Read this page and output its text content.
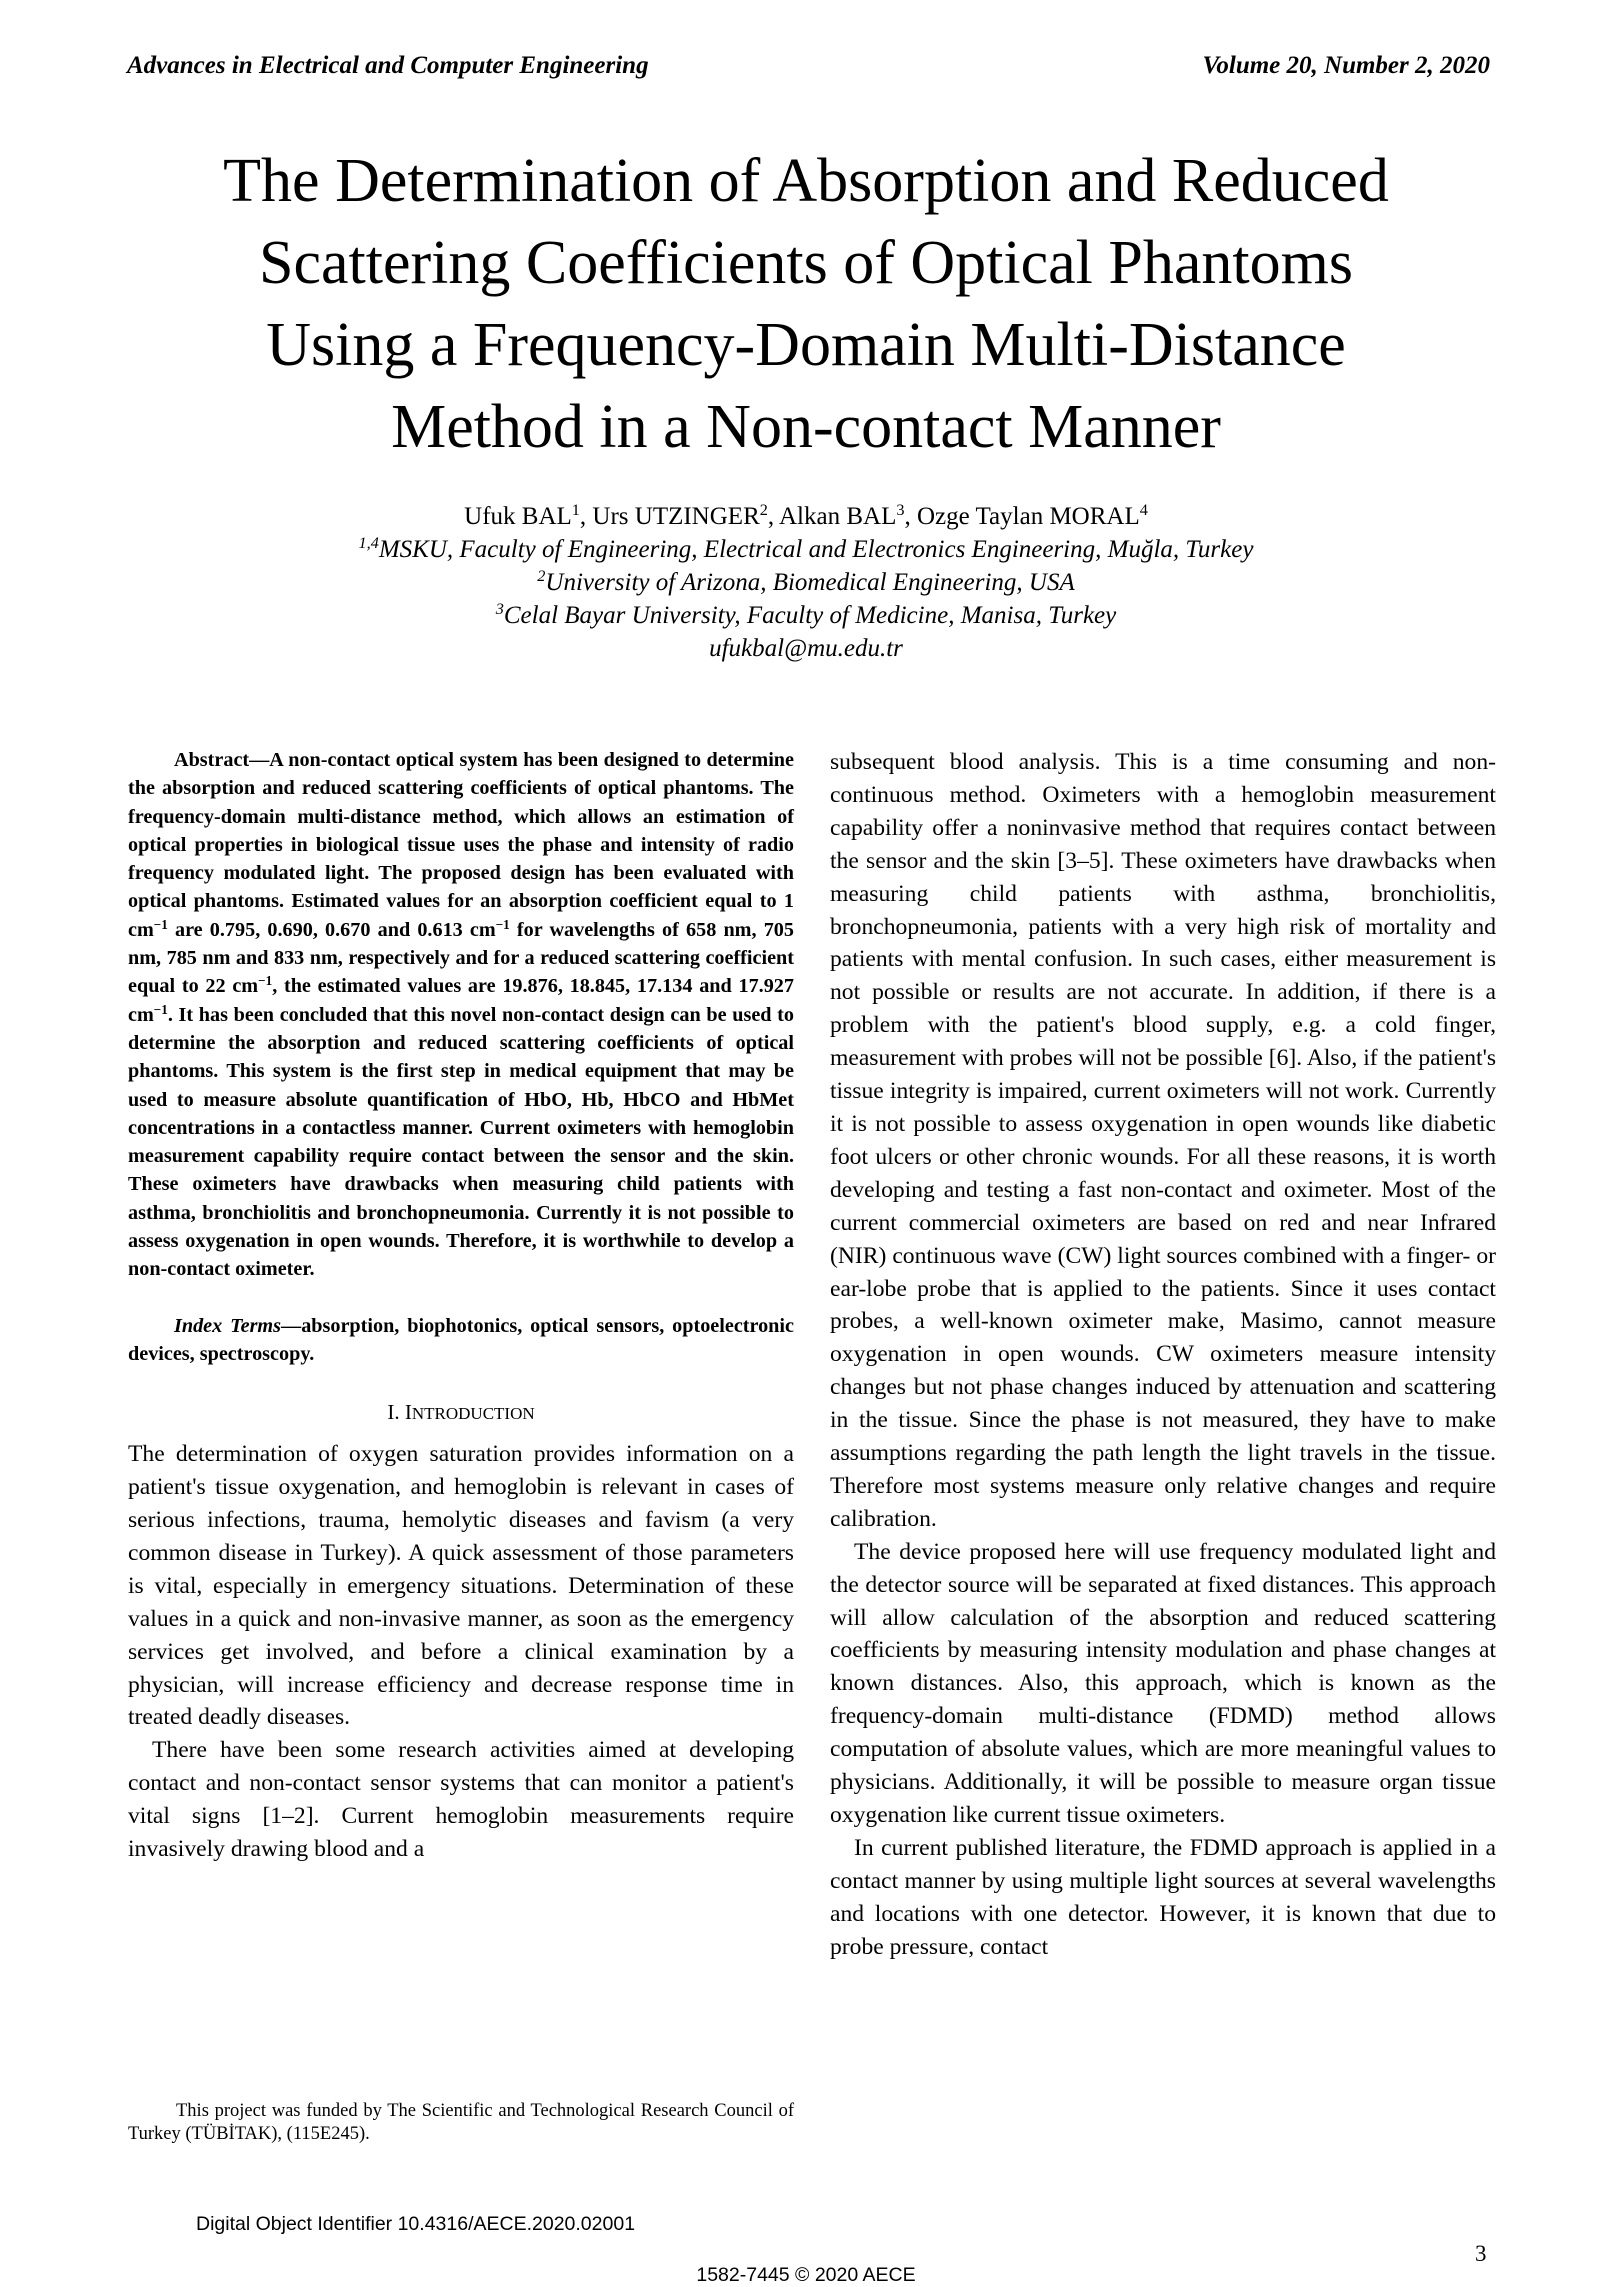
Advances in Electrical and Computer Engineering	Volume 20, Number 2, 2020
The Determination of Absorption and Reduced
Scattering Coefficients of Optical Phantoms
Using a Frequency-Domain Multi-Distance
Method in a Non-contact Manner
Ufuk BAL$^1$, Urs UTZINGER$^2$, Alkan BAL$^3$, Ozge Taylan MORAL$^4$
$^{1,4}$MSKU, Faculty of Engineering, Electrical and Electronics Engineering, Muğla, Turkey
$^2$University of Arizona, Biomedical Engineering, USA
$^3$Celal Bayar University, Faculty of Medicine, Manisa, Turkey
ufukbal@mu.edu.tr

Abstract—A non-contact optical system has been designed to determine the absorption and reduced scattering coefficients of optical phantoms. The frequency-domain multi-distance method, which allows an estimation of optical properties in biological tissue uses the phase and intensity of radio frequency modulated light. The proposed design has been evaluated with optical phantoms. Estimated values for an absorption coefficient equal to 1 $cm^{-1}$ are 0.795, 0.690, 0.670 and 0.613 $cm^{-1}$ for wavelengths of 658 nm, 705 nm, 785 nm and 833 nm, respectively and for a reduced scattering coefficient equal to 22 $cm^{-1}$, the estimated values are 19.876, 18.845, 17.134 and 17.927 $cm^{-1}$. It has been concluded that this novel non-contact design can be used to determine the absorption and reduced scattering coefficients of optical phantoms. This system is the first step in medical equipment that may be used to measure absolute quantification of HbO, Hb, HbCO and HbMet concentrations in a contactless manner. Current oximeters with hemoglobin measurement capability require contact between the sensor and the skin. These oximeters have drawbacks when measuring child patients with asthma, bronchiolitis and bronchopneumonia. Currently it is not possible to assess oxygenation in open wounds. Therefore, it is worthwhile to develop a non-contact oximeter.

Index Terms—absorption, biophotonics, optical sensors, optoelectronic devices, spectroscopy.

I. INTRODUCTION

The determination of oxygen saturation provides information on a patient's tissue oxygenation, and hemoglobin is relevant in cases of serious infections, trauma, hemolytic diseases and favism (a very common disease in Turkey). A quick assessment of those parameters is vital, especially in emergency situations. Determination of these values in a quick and non-invasive manner, as soon as the emergency services get involved, and before a clinical examination by a physician, will increase efficiency and decrease response time in treated deadly diseases.

There have been some research activities aimed at developing contact and non-contact sensor systems that can monitor a patient's vital signs [1–2]. Current hemoglobin measurements require invasively drawing blood and a

subsequent blood analysis. This is a time consuming and non-continuous method. Oximeters with a hemoglobin measurement capability offer a noninvasive method that requires contact between the sensor and the skin [3–5]. These oximeters have drawbacks when measuring child patients with asthma, bronchiolitis, bronchopneumonia, patients with a very high risk of mortality and patients with mental confusion. In such cases, either measurement is not possible or results are not accurate. In addition, if there is a problem with the patient's blood supply, e.g. a cold finger, measurement with probes will not be possible [6]. Also, if the patient's tissue integrity is impaired, current oximeters will not work. Currently it is not possible to assess oxygenation in open wounds like diabetic foot ulcers or other chronic wounds. For all these reasons, it is worth developing and testing a fast non-contact and oximeter. Most of the current commercial oximeters are based on red and near Infrared (NIR) continuous wave (CW) light sources combined with a finger- or ear-lobe probe that is applied to the patients. Since it uses contact probes, a well-known oximeter make, Masimo, cannot measure oxygenation in open wounds. CW oximeters measure intensity changes but not phase changes induced by attenuation and scattering in the tissue. Since the phase is not measured, they have to make assumptions regarding the path length the light travels in the tissue. Therefore most systems measure only relative changes and require calibration.

The device proposed here will use frequency modulated light and the detector source will be separated at fixed distances. This approach will allow calculation of the absorption and reduced scattering coefficients by measuring intensity modulation and phase changes at known distances. Also, this approach, which is known as the frequency-domain multi-distance (FDMD) method allows computation of absolute values, which are more meaningful values to physicians. Additionally, it will be possible to measure organ tissue oxygenation like current tissue oximeters.

In current published literature, the FDMD approach is applied in a contact manner by using multiple light sources at several wavelengths and locations with one detector. However, it is known that due to probe pressure, contact

This project was funded by The Scientific and Technological Research Council of Turkey (TÜBİTAK), (115E245).
Digital Object Identifier 10.4316/AECE.2020.02001
3
1582-7445 © 2020 AECE
